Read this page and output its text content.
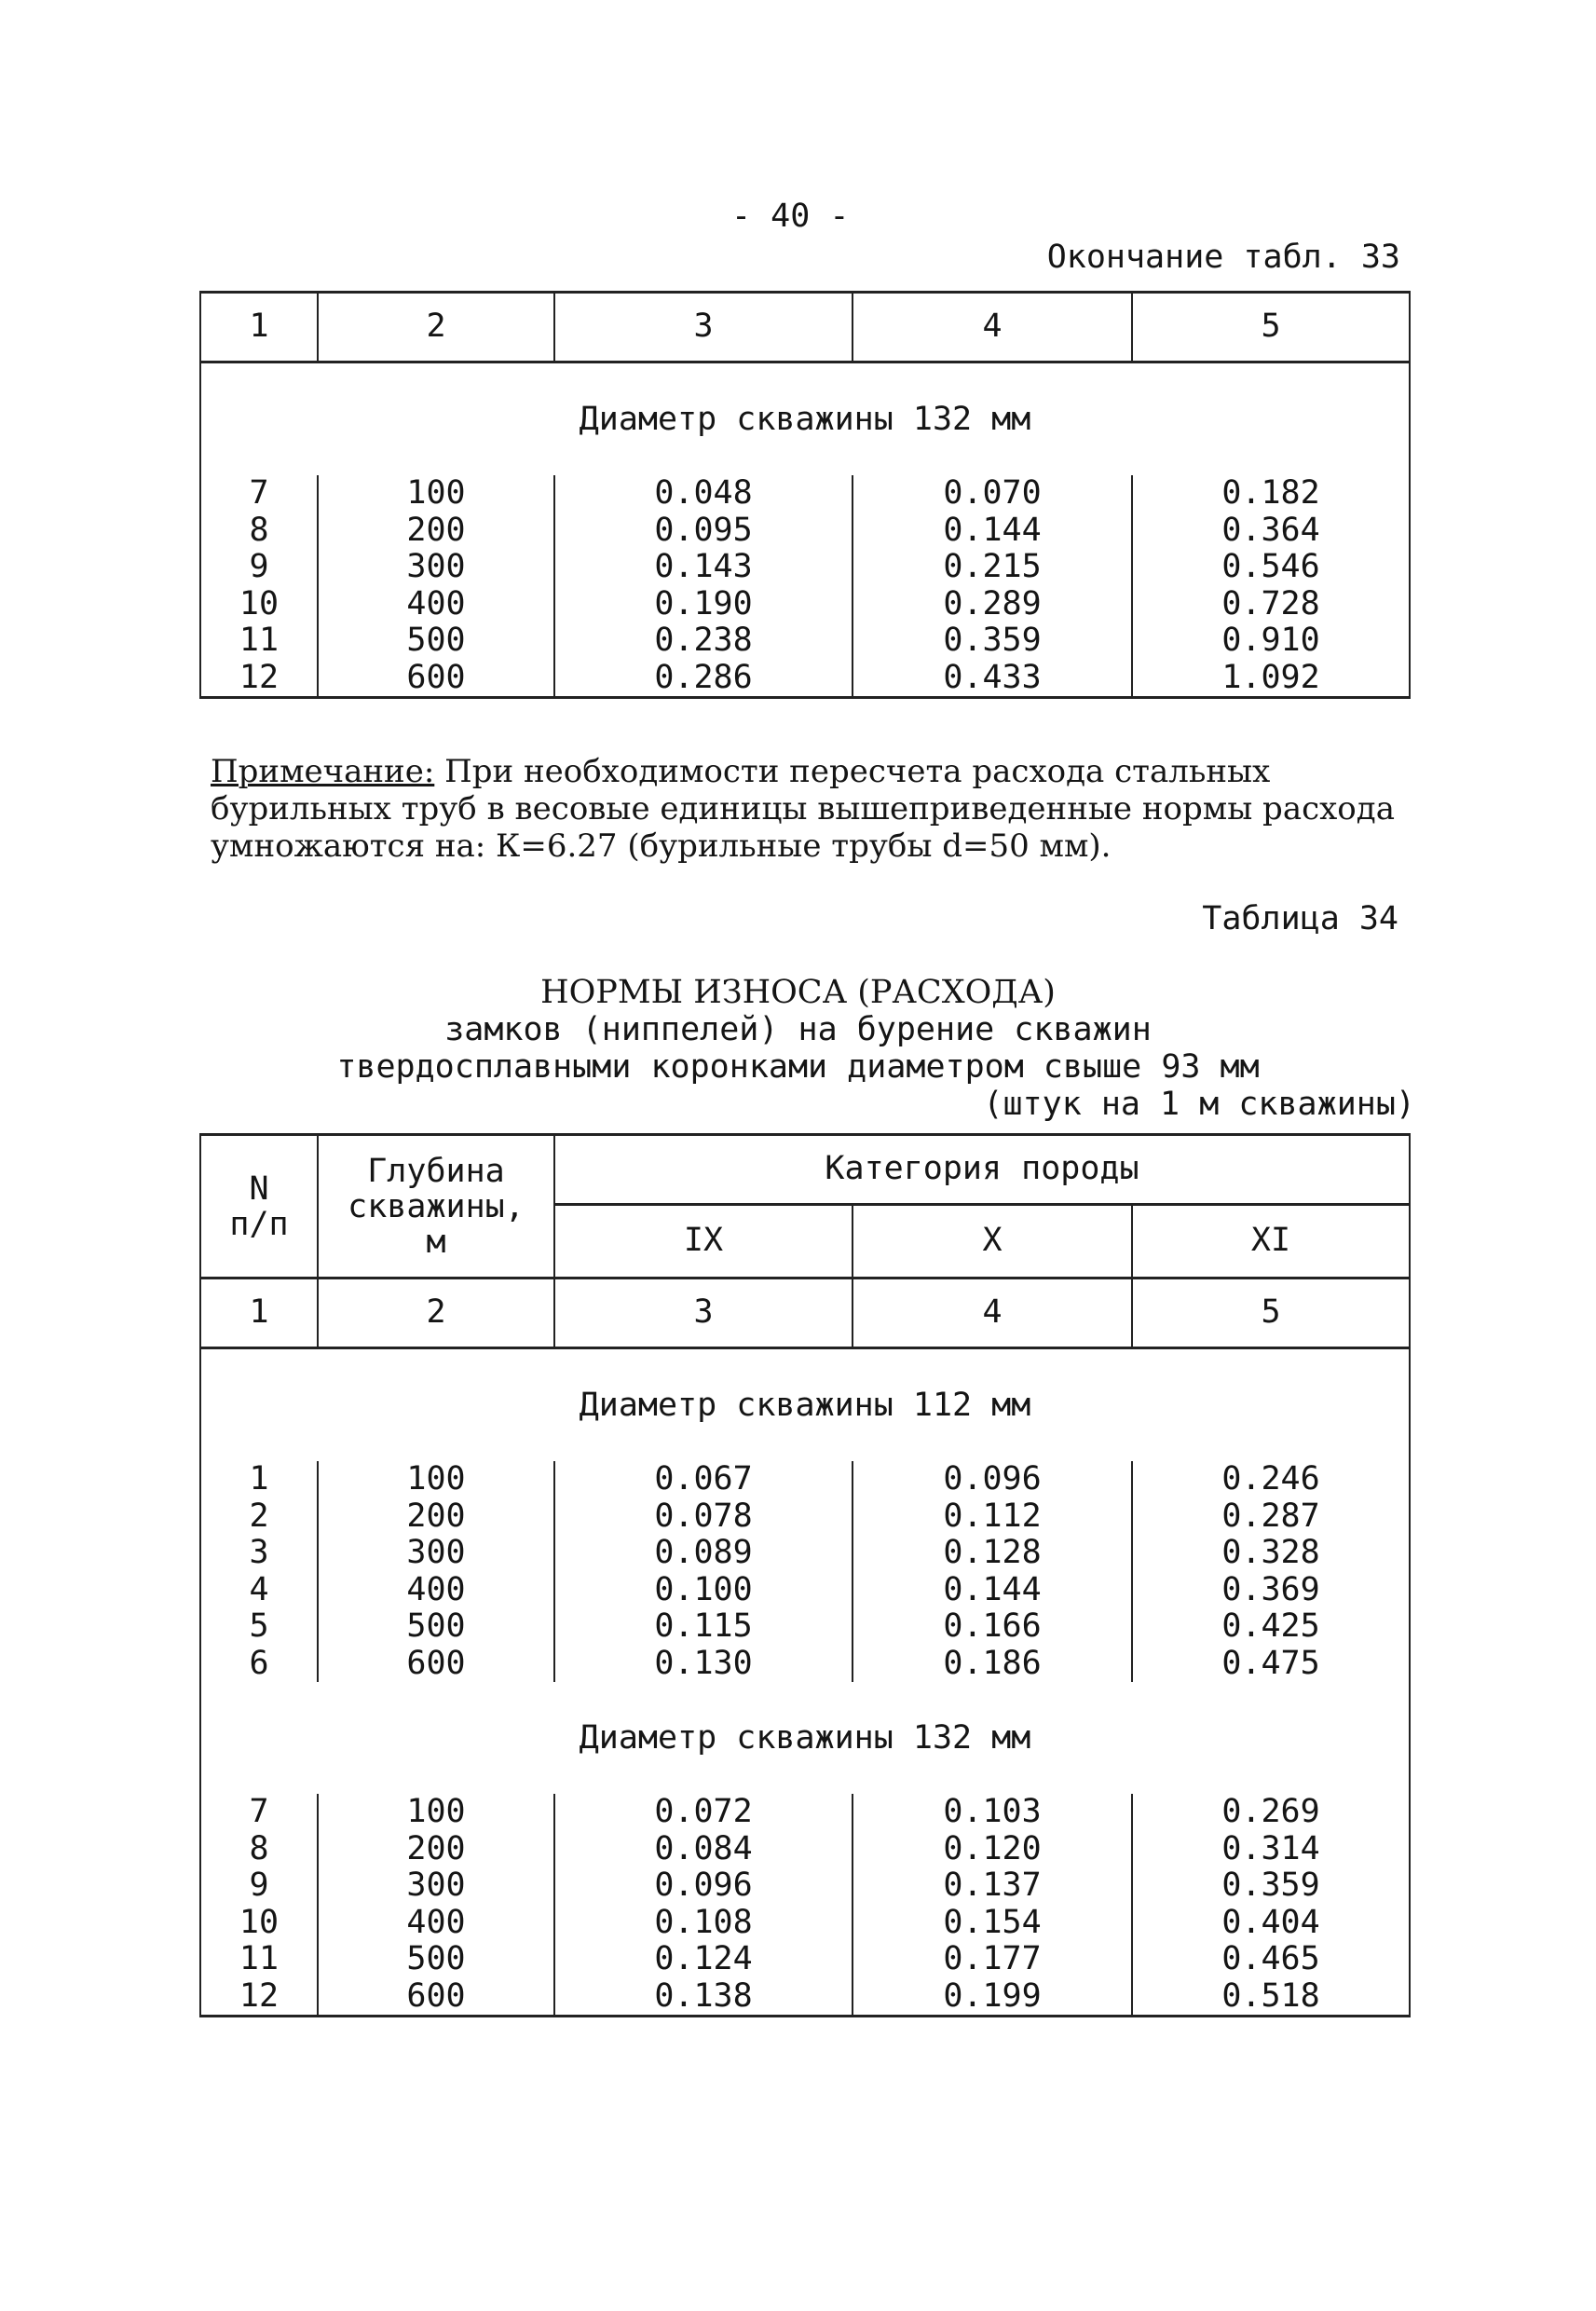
- 40 -
Окончание табл. 33
1	2	3	4	5
Диаметр скважины 132 мм				
7	100	0.048	0.070	0.182
8	200	0.095	0.144	0.364
9	300	0.143	0.215	0.546
10	400	0.190	0.289	0.728
11	500	0.238	0.359	0.910
12	600	0.286	0.433	1.092
Примечание: При необходимости пересчета расхода стальных бурильных труб в весовые единицы вышеприведенные нормы расхода умножаются на: К=6.27 (бурильные трубы d=50 мм).
Таблица 34
НОРМЫ ИЗНОСА (РАСХОДА)
замков (ниппелей) на бурение скважин
твердосплавными коронками диаметром свыше 93 мм
(штук на 1 м скважины)
N
п/п	Глубина
скважины,
м	Категория породы		
		IX	X	XI
1	2	3	4	5
Диаметр скважины 112 мм				
1	100	0.067	0.096	0.246
2	200	0.078	0.112	0.287
3	300	0.089	0.128	0.328
4	400	0.100	0.144	0.369
5	500	0.115	0.166	0.425
6	600	0.130	0.186	0.475
Диаметр скважины 132 мм				
7	100	0.072	0.103	0.269
8	200	0.084	0.120	0.314
9	300	0.096	0.137	0.359
10	400	0.108	0.154	0.404
11	500	0.124	0.177	0.465
12	600	0.138	0.199	0.518
